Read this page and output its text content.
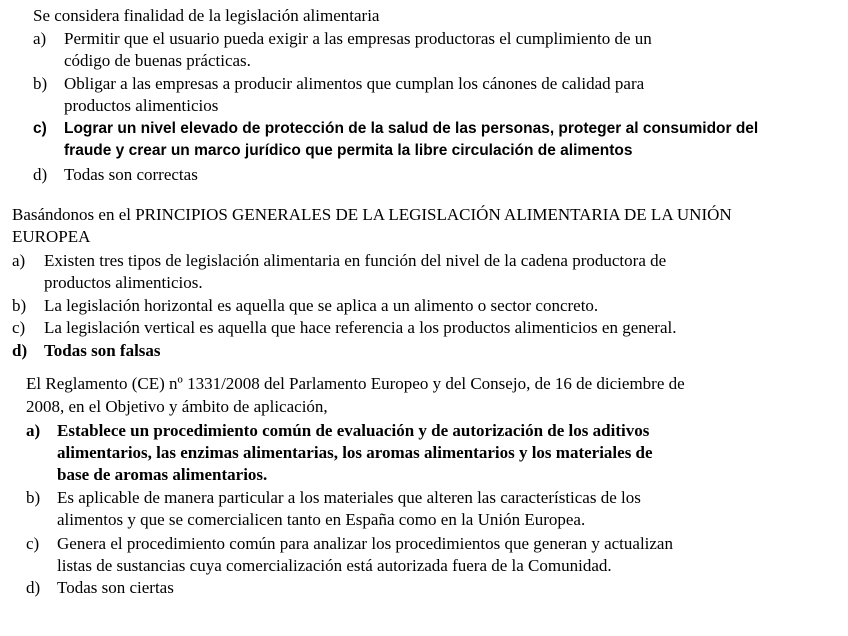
Se considera finalidad de la legislación alimentaria
a) Permitir que el usuario pueda exigir a las empresas productoras el cumplimiento de un
código de buenas prácticas.
b) Obligar a las empresas a producir alimentos que cumplan los cánones de calidad para
productos alimenticios
c) Lograr un nivel elevado de protección de la salud de las personas, proteger al consumidor del
fraude y crear un marco jurídico que permita la libre circulación de alimentos
d) Todas son correctas
Basándonos en el PRINCIPIOS GENERALES DE LA LEGISLACIÓN ALIMENTARIA DE LA UNIÓN
EUROPEA
a) Existen tres tipos de legislación alimentaria en función del nivel de la cadena productora de
productos alimenticios.
b) La legislación horizontal es aquella que se aplica a un alimento o sector concreto.
c) La legislación vertical es aquella que hace referencia a los productos alimenticios en general.
d) Todas son falsas
El Reglamento (CE) nº 1331/2008 del Parlamento Europeo y del Consejo, de 16 de diciembre de
2008, en el Objetivo y ámbito de aplicación,
a) Establece un procedimiento común de evaluación y de autorización de los aditivos
alimentarios, las enzimas alimentarias, los aromas alimentarios y los materiales de
base de aromas alimentarios.
b) Es aplicable de manera particular a los materiales que alteren las características de los
alimentos y que se comercialicen tanto en España como en la Unión Europea.
c) Genera el procedimiento común para analizar los procedimientos que generan y actualizan
listas de sustancias cuya comercialización está autorizada fuera de la Comunidad.
d) Todas son ciertas
